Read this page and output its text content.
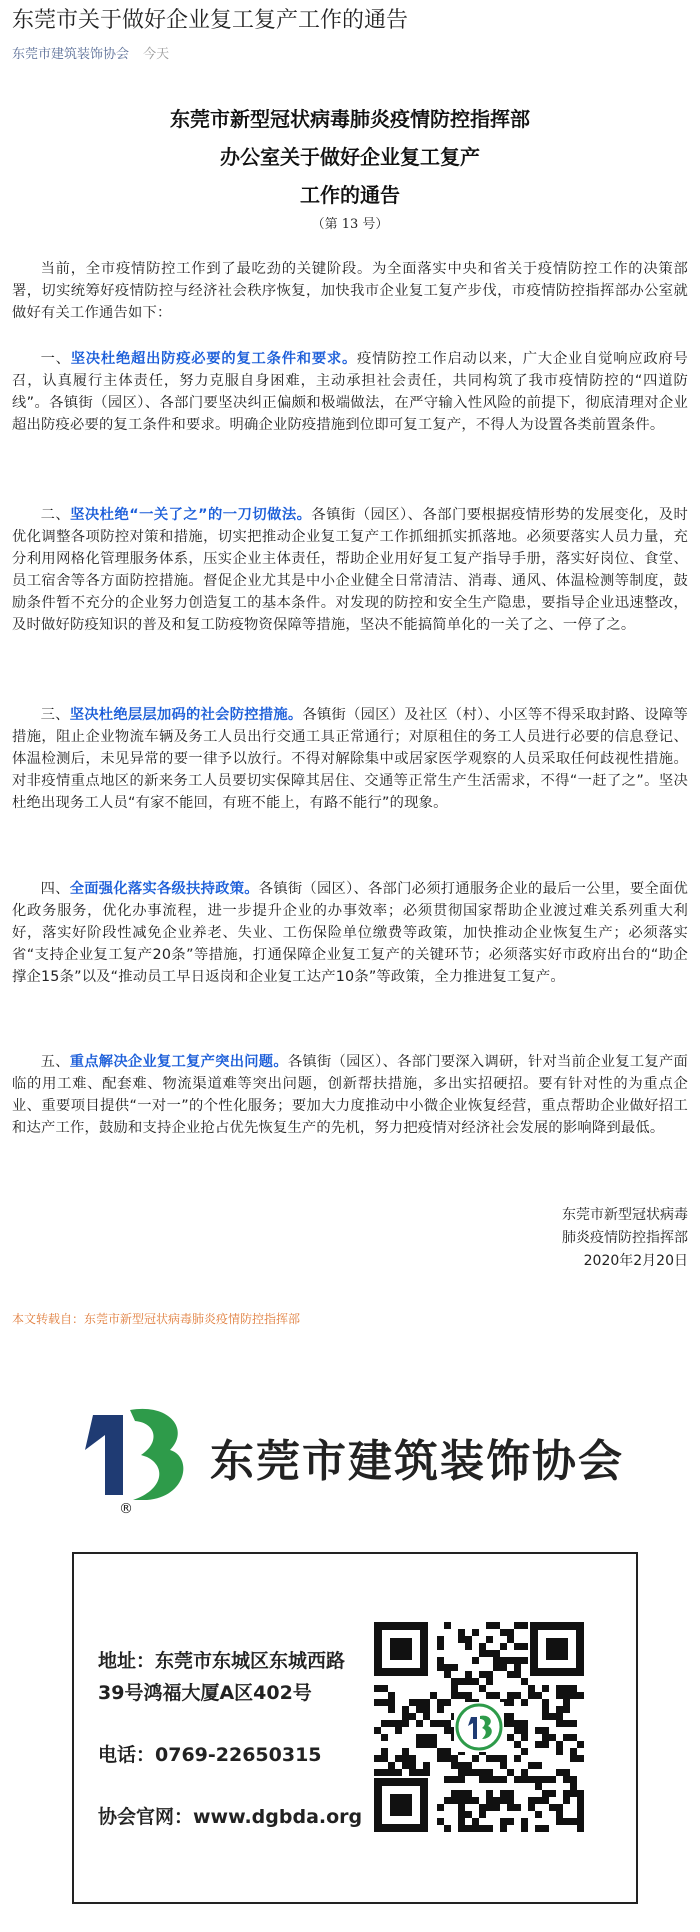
东莞市关于做好企业复工复产工作的通告
东莞市建筑装饰协会 今天
东莞市新型冠状病毒肺炎疫情防控指挥部
办公室关于做好企业复工复产
工作的通告
（第 13 号）
当前，全市疫情防控工作到了最吃劲的关键阶段。为全面落实中央和省关于疫情防控工作的决策部署，切实统筹好疫情防控与经济社会秩序恢复，加快我市企业复工复产步伐，市疫情防控指挥部办公室就做好有关工作通告如下：
一、坚决杜绝超出防疫必要的复工条件和要求。疫情防控工作启动以来，广大企业自觉响应政府号召，认真履行主体责任，努力克服自身困难，主动承担社会责任，共同构筑了我市疫情防控的“四道防线”。各镇街（园区）、各部门要坚决纠正偏颇和极端做法，在严守输入性风险的前提下，彻底清理对企业超出防疫必要的复工条件和要求。明确企业防疫措施到位即可复工复产，不得人为设置各类前置条件。
二、坚决杜绝“一关了之”的一刀切做法。各镇街（园区）、各部门要根据疫情形势的发展变化，及时优化调整各项防控对策和措施，切实把推动企业复工复产工作抓细抓实抓落地。必须要落实人员力量，充分利用网格化管理服务体系，压实企业主体责任，帮助企业用好复工复产指导手册，落实好岗位、食堂、员工宿舍等各方面防控措施。督促企业尤其是中小企业健全日常清洁、消毒、通风、体温检测等制度，鼓励条件暂不充分的企业努力创造复工的基本条件。对发现的防控和安全生产隐患，要指导企业迅速整改，及时做好防疫知识的普及和复工防疫物资保障等措施，坚决不能搞简单化的一关了之、一停了之。
三、坚决杜绝层层加码的社会防控措施。各镇街（园区）及社区（村）、小区等不得采取封路、设障等措施，阻止企业物流车辆及务工人员出行交通工具正常通行；对原租住的务工人员进行必要的信息登记、体温检测后，未见异常的要一律予以放行。不得对解除集中或居家医学观察的人员采取任何歧视性措施。对非疫情重点地区的新来务工人员要切实保障其居住、交通等正常生产生活需求，不得“一赶了之”。坚决杜绝出现务工人员“有家不能回，有班不能上，有路不能行”的现象。
四、全面强化落实各级扶持政策。各镇街（园区）、各部门必须打通服务企业的最后一公里，要全面优化政务服务，优化办事流程，进一步提升企业的办事效率；必须贯彻国家帮助企业渡过难关系列重大利好，落实好阶段性减免企业养老、失业、工伤保险单位缴费等政策，加快推动企业恢复生产；必须落实省“支持企业复工复产20条”等措施，打通保障企业复工复产的关键环节；必须落实好市政府出台的“助企撑企15条”以及“推动员工早日返岗和企业复工达产10条”等政策，全力推进复工复产。
五、重点解决企业复工复产突出问题。各镇街（园区）、各部门要深入调研，针对当前企业复工复产面临的用工难、配套难、物流渠道难等突出问题，创新帮扶措施，多出实招硬招。要有针对性的为重点企业、重要项目提供“一对一”的个性化服务；要加大力度推动中小微企业恢复经营，重点帮助企业做好招工和达产工作，鼓励和支持企业抢占优先恢复生产的先机，努力把疫情对经济社会发展的影响降到最低。
东莞市新型冠状病毒
肺炎疫情防控指挥部
2020年2月20日
本文转载自：东莞市新型冠状病毒肺炎疫情防控指挥部
®
东莞市建筑装饰协会
地址：东莞市东城区东城西路
39号鸿福大厦A区402号
电话：0769-22650315
协会官网：www.dgbda.org
